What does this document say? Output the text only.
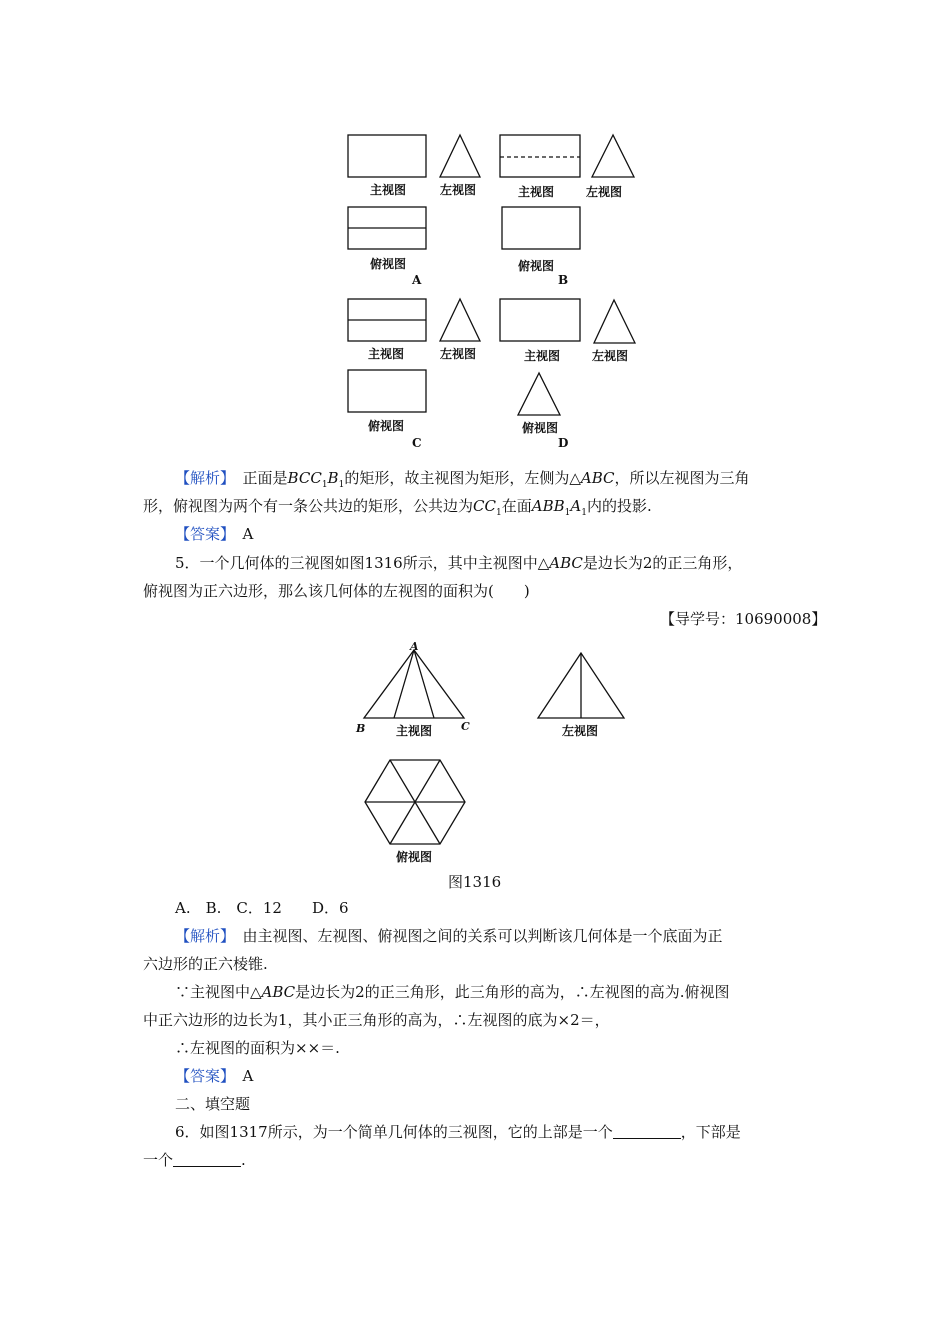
主视图	左视图
俯视图
A
主视图	左视图
俯视图
B
主视图	左视图
俯视图
C
主视图	左视图
俯视图
D
【解析】　 正面是$BCC_1B_1$的矩形，故主视图为矩形，左侧为△ABC，所以左视图为三角
形，俯视图为两个有一条公共边的矩形，公共边为$CC_1$在面$ABB_1A_1$内的投影.
【答案】　 A
5．一个几何体的三视图如图1316所示，其中主视图中△ABC是边长为2的正三角形，
俯视图为正六边形，那么该几何体的左视图的面积为(　　)
【导学号：10690008】
A
B	C
主视图	左视图
俯视图
图1316
A.　B.　C．12　　D．6
【解析】　 由主视图、左视图、俯视图之间的关系可以判断该几何体是一个底面为正
六边形的正六棱锥.
∵主视图中△ABC是边长为2的正三角形，此三角形的高为，∴左视图的高为.俯视图
中正六边形的边长为1，其小正三角形的高为，∴左视图的底为×2＝，
∴左视图的面积为××＝.
【答案】　 A
二、填空题
6．如图1317所示，为一个简单几何体的三视图，它的上部是一个	，下部是
一个	.
